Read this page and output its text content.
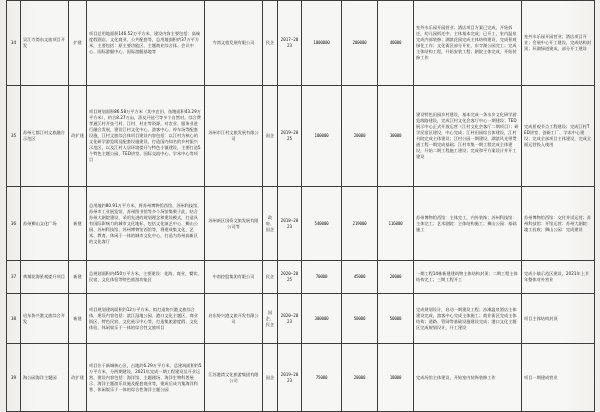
34	吴江寺湾东文旅项目开发	扩建	项目总用地面积146.52万平方米，建设内容主要包括：高端度假酒店、文化商业、公共配套等，总用地面积约37万平方米，主要包括：原主要功能区、主题商业综合体、会议中心、国际游艇中心、国际游艇基地等	寺湾文旅发展有限公司	民企	2017—2023	1000000	200000	40000	室外水乐园开园营业；酒店项目方案已完成，开始拆迁，幼儿园拆迁中，主体基本完成；已开工，室内温泉完成内部装修；湖滨花园完成主体结构建设，完成景观绿化工作；文化街区部分开业，东寺湖公园完工；完成主体结构工程，开始安装工程；剧院主体完成，开始装修工作	室外水乐园开园营业；酒店项目开业；会展中心开工建设，完成结构封顶；环湖绿道建成，部分开工建设
35	苏州七都江村文旅融合示范区	改扩建	项目规划面积86.58万平方米（其中农田、鱼塘面积43.29万平方米），约合8.27万亩，涉及开弦弓等多个自然村。综合费孝通江村开弦弓村、江村、村庄等资源，对农业、服务业进行融合发展，建设江村文化中心、游客中心、停车场等配套设施，江村文旅综合体项目建设内容包括：以江村为核心的文化研学游览线及配套设施建设，打造国内知名的乡村振兴示范区，以及江村人居环境提升与特色小镇建设，主要打造5个特色主题公园、TED讲堂、国际交流中心、学术中心等项目	苏州市江村文旅发展有限公司	国企	2019—2025	100000	20000	30000	建设特色田园乡村建设，基本完成一条水乡文化研学游览线路建设，完成江村文化会客厅中心一期建设；TED展示中心正式开放运营（江村文化会客厅二期项目）；研学民宿区建设，中心完成；江村田园综合体建设，江村书院完成主体建设；江村公园一期建设，湖滨风光带贯通工程一期完成基础；江村市集一期工程完成主体建设，开始二期工程施工建设；完成和平方案设计并开工建设	完成景观节点工程建设；完成江村TED讲堂、创新工厂、学术中心建设；完成全部项目主体建设，完成全面运营投入使用
36	苏州狮山文化广场	新建	总用地约80.91万平方米，将苏州博物馆西馆、苏州科技馆、苏州市工业展览馆、苏州图书馆等多个场馆集聚于此，结合苏州大剧院建设，采用先进的规划理念和建设模式，打造具有国际影响力的城市文化地标，包括文化演艺中心、狮山公园、苏州科技馆、苏州博物馆西馆等，将建成集文化、艺术、教育、休闲于一体的城市文化中心，打造为苏州高新区的文化客厅	苏州新区国资文旅发展有限公司等	政府、国企	2018—2023	540000	219000	116000	苏州博物馆西馆：主体完工，内外装饰；苏州科技馆：主体完工；艺术剧院：主体结构施工；狮山公园：基础施工	苏州博物馆西馆：交付并试运营；苏州科技馆：开馆运营；苏州大剧院：竣工验收；狮山公园：完成建设
37	黄埔花海景观提升项目	新建	总规划面积约450万平方米，主要建设：花海、商业、餐饮、民宿、文化体验等特色旅游功能区	中南控股集团有限公司	民企	2020—2025	70000	45000	20000	一期工程14栋新建建筑物主体结构封顶；二期工程主体结构完工；三期工程开工	完成小镇示范区建设，2021年上半年整体对外营业
38	启东协兴港文旅综合开发	新建	项目规划建筑面积约12万平方米，拟打造协兴港文旅综合体，建设内容包括：滨江湿地公园、港口文化主题区、商业街区、特色民宿、文化展示中心等，打造集旅游度假、文化体验、休闲娱乐于一体的综合性文旅项目	启东协兴港文旅开发有限公司	国企、民企	2020—2023	300000	50000	50000	完成规划设计，启动一期建设工程；沙滩温泉酒店主体建设完成，游客中心完成主体施工；商业街区完成主体结构；道路、管网等基础设施建设完成；港口文化主题区完成规划设计，开工建设	项目主体结构封顶
39	海公园海洋主题园	改扩建	项目位于新城核心区，占地约6.29万平方米，总建筑面积约5万平方米，分两期建设。2021年完成一期工程建设及开业运营，建设内容包括：海洋馆、主题剧场、海洋生物科普展示、海洋主题游乐设施及配套商业等，建成后成为集海洋科普、休闲娱乐于一体的综合性海洋主题公园	江苏港湾文化旅游集团有限公司	国企	2019—2023	75000	20000	18000	完成场馆主体建设，开始室内装饰装修工作	项目一期建成营业
